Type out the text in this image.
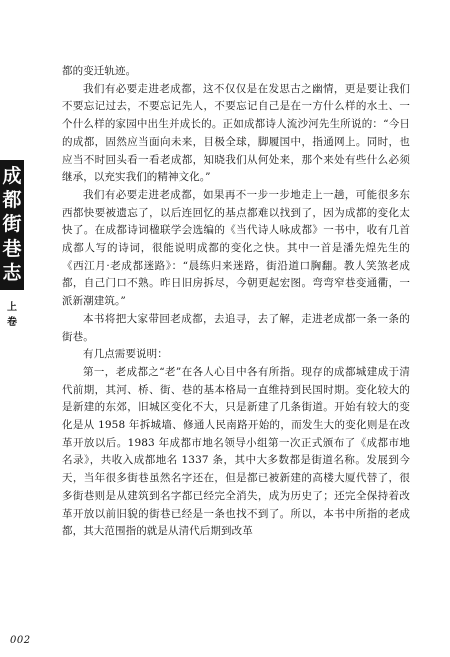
成
都
街
巷
志
上
卷

都的变迁轨迹。

我们有必要走进老成都，这不仅仅是在发思古之幽情，更是要让我们不要忘记过去，不要忘记先人，不要忘记自己是在一方什么样的水土、一个什么样的家园中出生并成长的。正如成都诗人流沙河先生所说的：“今日的成都，固然应当面向未来，目极全球，脚履国中，指通网上。同时，也应当不时回头看一看老成都，知晓我们从何处来，那个来处有些什么必须继承，以充实我们的精神文化。”

我们有必要走进老成都，如果再不一步一步地走上一趟，可能很多东西都快要被遗忘了，以后连回忆的基点都难以找到了，因为成都的变化太快了。在成都诗词楹联学会选编的《当代诗人咏成都》一书中，收有几首成都人写的诗词，很能说明成都的变化之快。其中一首是潘先煌先生的《西江月·老成都迷路》：“晨练归来迷路，街沿道口胸翻。教人笑煞老成都，自己门口不熟。昨日旧房拆尽，今朝更起宏图。弯弯窄巷变通衢，一派新潮建筑。”

本书将把大家带回老成都，去追寻，去了解，走进老成都一条一条的街巷。

有几点需要说明：

第一，老成都之“老”在各人心目中各有所指。现存的成都城建成于清代前期，其河、桥、街、巷的基本格局一直维持到民国时期。变化较大的是新建的东郊，旧城区变化不大，只是新建了几条街道。开始有较大的变化是从 1958 年拆城墙、修通人民南路开始的，而发生大的变化则是在改革开放以后。1983 年成都市地名领导小组第一次正式颁布了《成都市地名录》，共收入成都地名 1337 条，其中大多数都是街道名称。发展到今天，当年很多街巷虽然名字还在，但是都已被新建的高楼大厦代替了，很多街巷则是从建筑到名字都已经完全消失，成为历史了；还完全保持着改革开放以前旧貌的街巷已经是一条也找不到了。所以，本书中所指的老成都，其大范围指的就是从清代后期到改革

002
